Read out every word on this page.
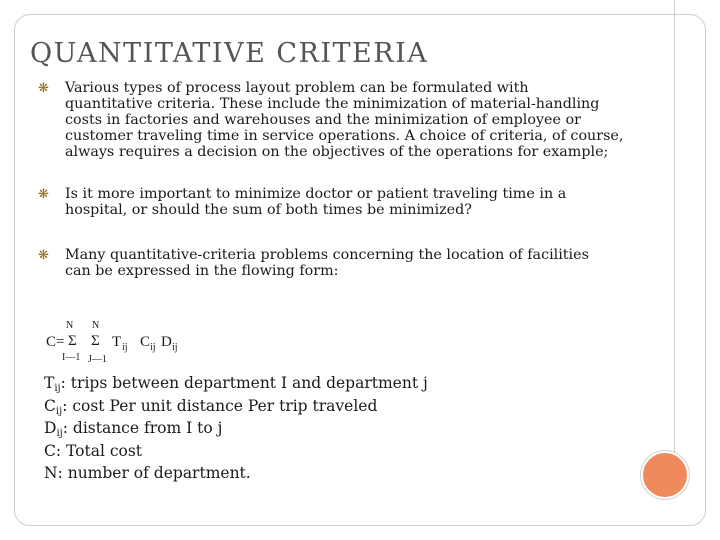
QUANTITATIVE CRITERIA
❋ Various types of process layout problem can be formulated with
quantitative criteria. These include the minimization of material-handling
costs in factories and warehouses and the minimization of employee or
customer traveling time in service operations. A choice of criteria, of course,
always requires a decision on the objectives of the operations for example;
❋ Is it more important to minimize doctor or patient traveling time in a
hospital, or should the sum of both times be minimized?
❋ Many quantitative-criteria problems concerning the location of facilities
can be expressed in the flowing form:
N
C= Σ
I—1
N
Σ
J—1
T ij C ij D ij
$T_{ij}$: trips between department I and department j
$C_{ij}$: cost Per unit distance Per trip traveled
$D_{ij}$: distance from I to j
C: Total cost
N: number of department.
